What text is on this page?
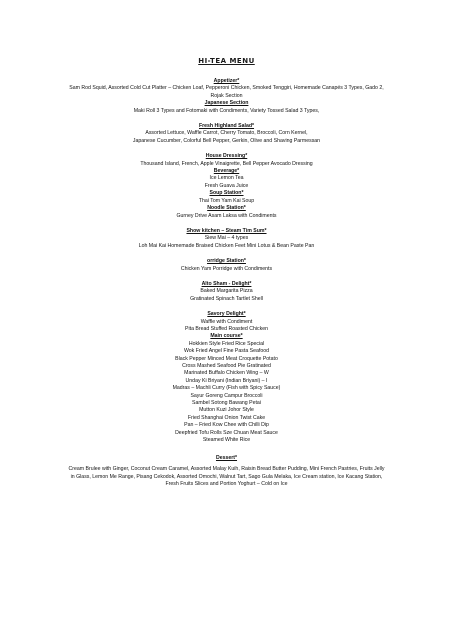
HI-TEA MENU
Appetizer*
Sam Rod Squid, Assorted Cold Cut Platter – Chicken Loaf, Pepperoni Chicken, Smoked Tenggiri, Homemade Canapés 3 Types, Gado 2,
Rojak Section
Japanese Section
Maki Roll 3 Types and Fotomaki with Condiments, Variety Tossed Salad 3 Types,
Fresh Highland Salad*
Assorted Lettuce, Waffle Carrot, Cherry Tomato, Broccoli, Corn Kernel,
Japanese Cucumber, Colorful Bell Pepper, Gerkin, Olive and Shaving Parmessan
House Dressing*
Thousand Island, French, Apple Vinaigrette, Bell Pepper Avocado Dressing
Beverage*
Ice Lemon Tea
Fresh Guava Juice
Soup Station*
Thai Tom Yam Kai Soup
Noodle Station*
Gurney Drive Asam Laksa with Condiments
Show kitchen – Steam Tim Sum*
Siew Mai – 4 types
Loh Mai Kai Homemade Braised Chicken Feet Mini Lotus & Bean Paste Pan
orridge Station*
Chicken Yam Porridge with Condiments
Alto Sham - Delight*
Baked Margarita Pizza
Gratinated Spinach Tartlet Shell
Savory Delight*
Waffle with Condiment
Pita Bread Stuffed Roasted Chicken
Main course*
Hokkien Style Fried Rice Special
Wok Fried Angel Fine Pasta Seafood
Black Pepper Minced Meat Croquette Potato
Cross Mashed Seafood Pie Gratinated
Marinated Buffalo Chicken Wing – W
Unday Ki Briyani (Indian Briyani) – I
Madras – Machli Curry (Fish with Spicy Sauce)
Sayur Goreng Campur Broccoli
Sambel Sotong Bawang Petai
Mutton Kuzi Johor Style
Fried Shanghai Onion Twist Cake
Pan – Fried Kow Chee with Chilli Dip
Deepfried Tofu Rolls Sze Chuan Meat Sauce
Steamed White Rice
Dessert*
Cream Brulee with Ginger, Coconut Cream Caramel, Assorted Malay Kuih, Raisin Bread Butter Pudding, Mini French Pastries, Fruits Jelly
in Glass, Lemon Me Range, Pisang Cekodok, Assorted Omochi, Walnut Tart, Sago Gula Melaka, Ice Cream station, Ice Kacang Station,
Fresh Fruits Slices and Portion Yoghurt – Cold on Ice
